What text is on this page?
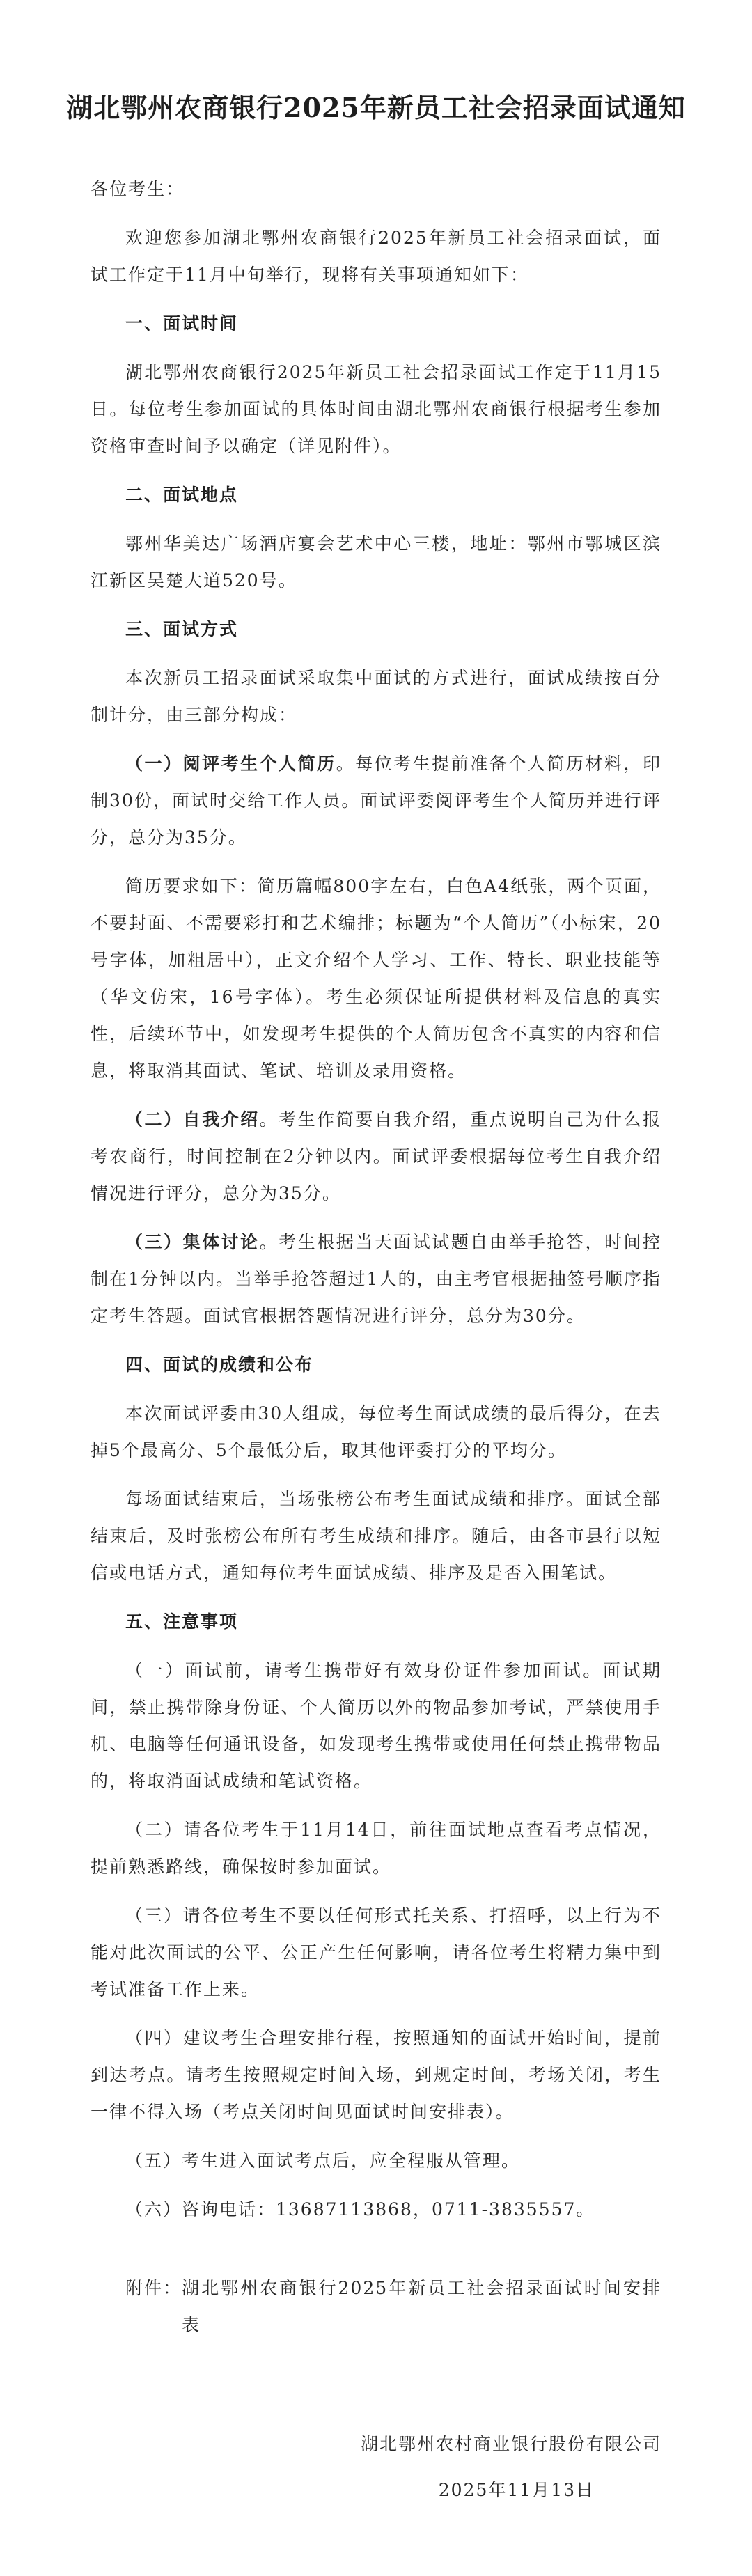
湖北鄂州农商银行2025年新员工社会招录面试通知

各位考生：

欢迎您参加湖北鄂州农商银行2025年新员工社会招录面试，面试工作定于11月中旬举行，现将有关事项通知如下：

一、面试时间

湖北鄂州农商银行2025年新员工社会招录面试工作定于11月15日。每位考生参加面试的具体时间由湖北鄂州农商银行根据考生参加资格审查时间予以确定（详见附件）。

二、面试地点

鄂州华美达广场酒店宴会艺术中心三楼，地址：鄂州市鄂城区滨江新区吴楚大道520号。

三、面试方式

本次新员工招录面试采取集中面试的方式进行，面试成绩按百分制计分，由三部分构成：

（一）阅评考生个人简历。每位考生提前准备个人简历材料，印制30份，面试时交给工作人员。面试评委阅评考生个人简历并进行评分，总分为35分。

简历要求如下：简历篇幅800字左右，白色A4纸张，两个页面，不要封面、不需要彩打和艺术编排；标题为“个人简历”（小标宋，20号字体，加粗居中），正文介绍个人学习、工作、特长、职业技能等（华文仿宋，16号字体）。考生必须保证所提供材料及信息的真实性，后续环节中，如发现考生提供的个人简历包含不真实的内容和信息，将取消其面试、笔试、培训及录用资格。

（二）自我介绍。考生作简要自我介绍，重点说明自己为什么报考农商行，时间控制在2分钟以内。面试评委根据每位考生自我介绍情况进行评分，总分为35分。

（三）集体讨论。考生根据当天面试试题自由举手抢答，时间控制在1分钟以内。当举手抢答超过1人的，由主考官根据抽签号顺序指定考生答题。面试官根据答题情况进行评分，总分为30分。

四、面试的成绩和公布

本次面试评委由30人组成，每位考生面试成绩的最后得分，在去掉5个最高分、5个最低分后，取其他评委打分的平均分。

每场面试结束后，当场张榜公布考生面试成绩和排序。面试全部结束后，及时张榜公布所有考生成绩和排序。随后，由各市县行以短信或电话方式，通知每位考生面试成绩、排序及是否入围笔试。

五、注意事项

（一）面试前，请考生携带好有效身份证件参加面试。面试期间，禁止携带除身份证、个人简历以外的物品参加考试，严禁使用手机、电脑等任何通讯设备，如发现考生携带或使用任何禁止携带物品的，将取消面试成绩和笔试资格。

（二）请各位考生于11月14日，前往面试地点查看考点情况，提前熟悉路线，确保按时参加面试。

（三）请各位考生不要以任何形式托关系、打招呼，以上行为不能对此次面试的公平、公正产生任何影响，请各位考生将精力集中到考试准备工作上来。

（四）建议考生合理安排行程，按照通知的面试开始时间，提前到达考点。请考生按照规定时间入场，到规定时间，考场关闭，考生一律不得入场（考点关闭时间见面试时间安排表）。

（五）考生进入面试考点后，应全程服从管理。

（六）咨询电话：13687113868，0711-3835557。

附件： 湖北鄂州农商银行2025年新员工社会招录面试时间安排表
湖北鄂州农村商业银行股份有限公司
2025年11月13日
